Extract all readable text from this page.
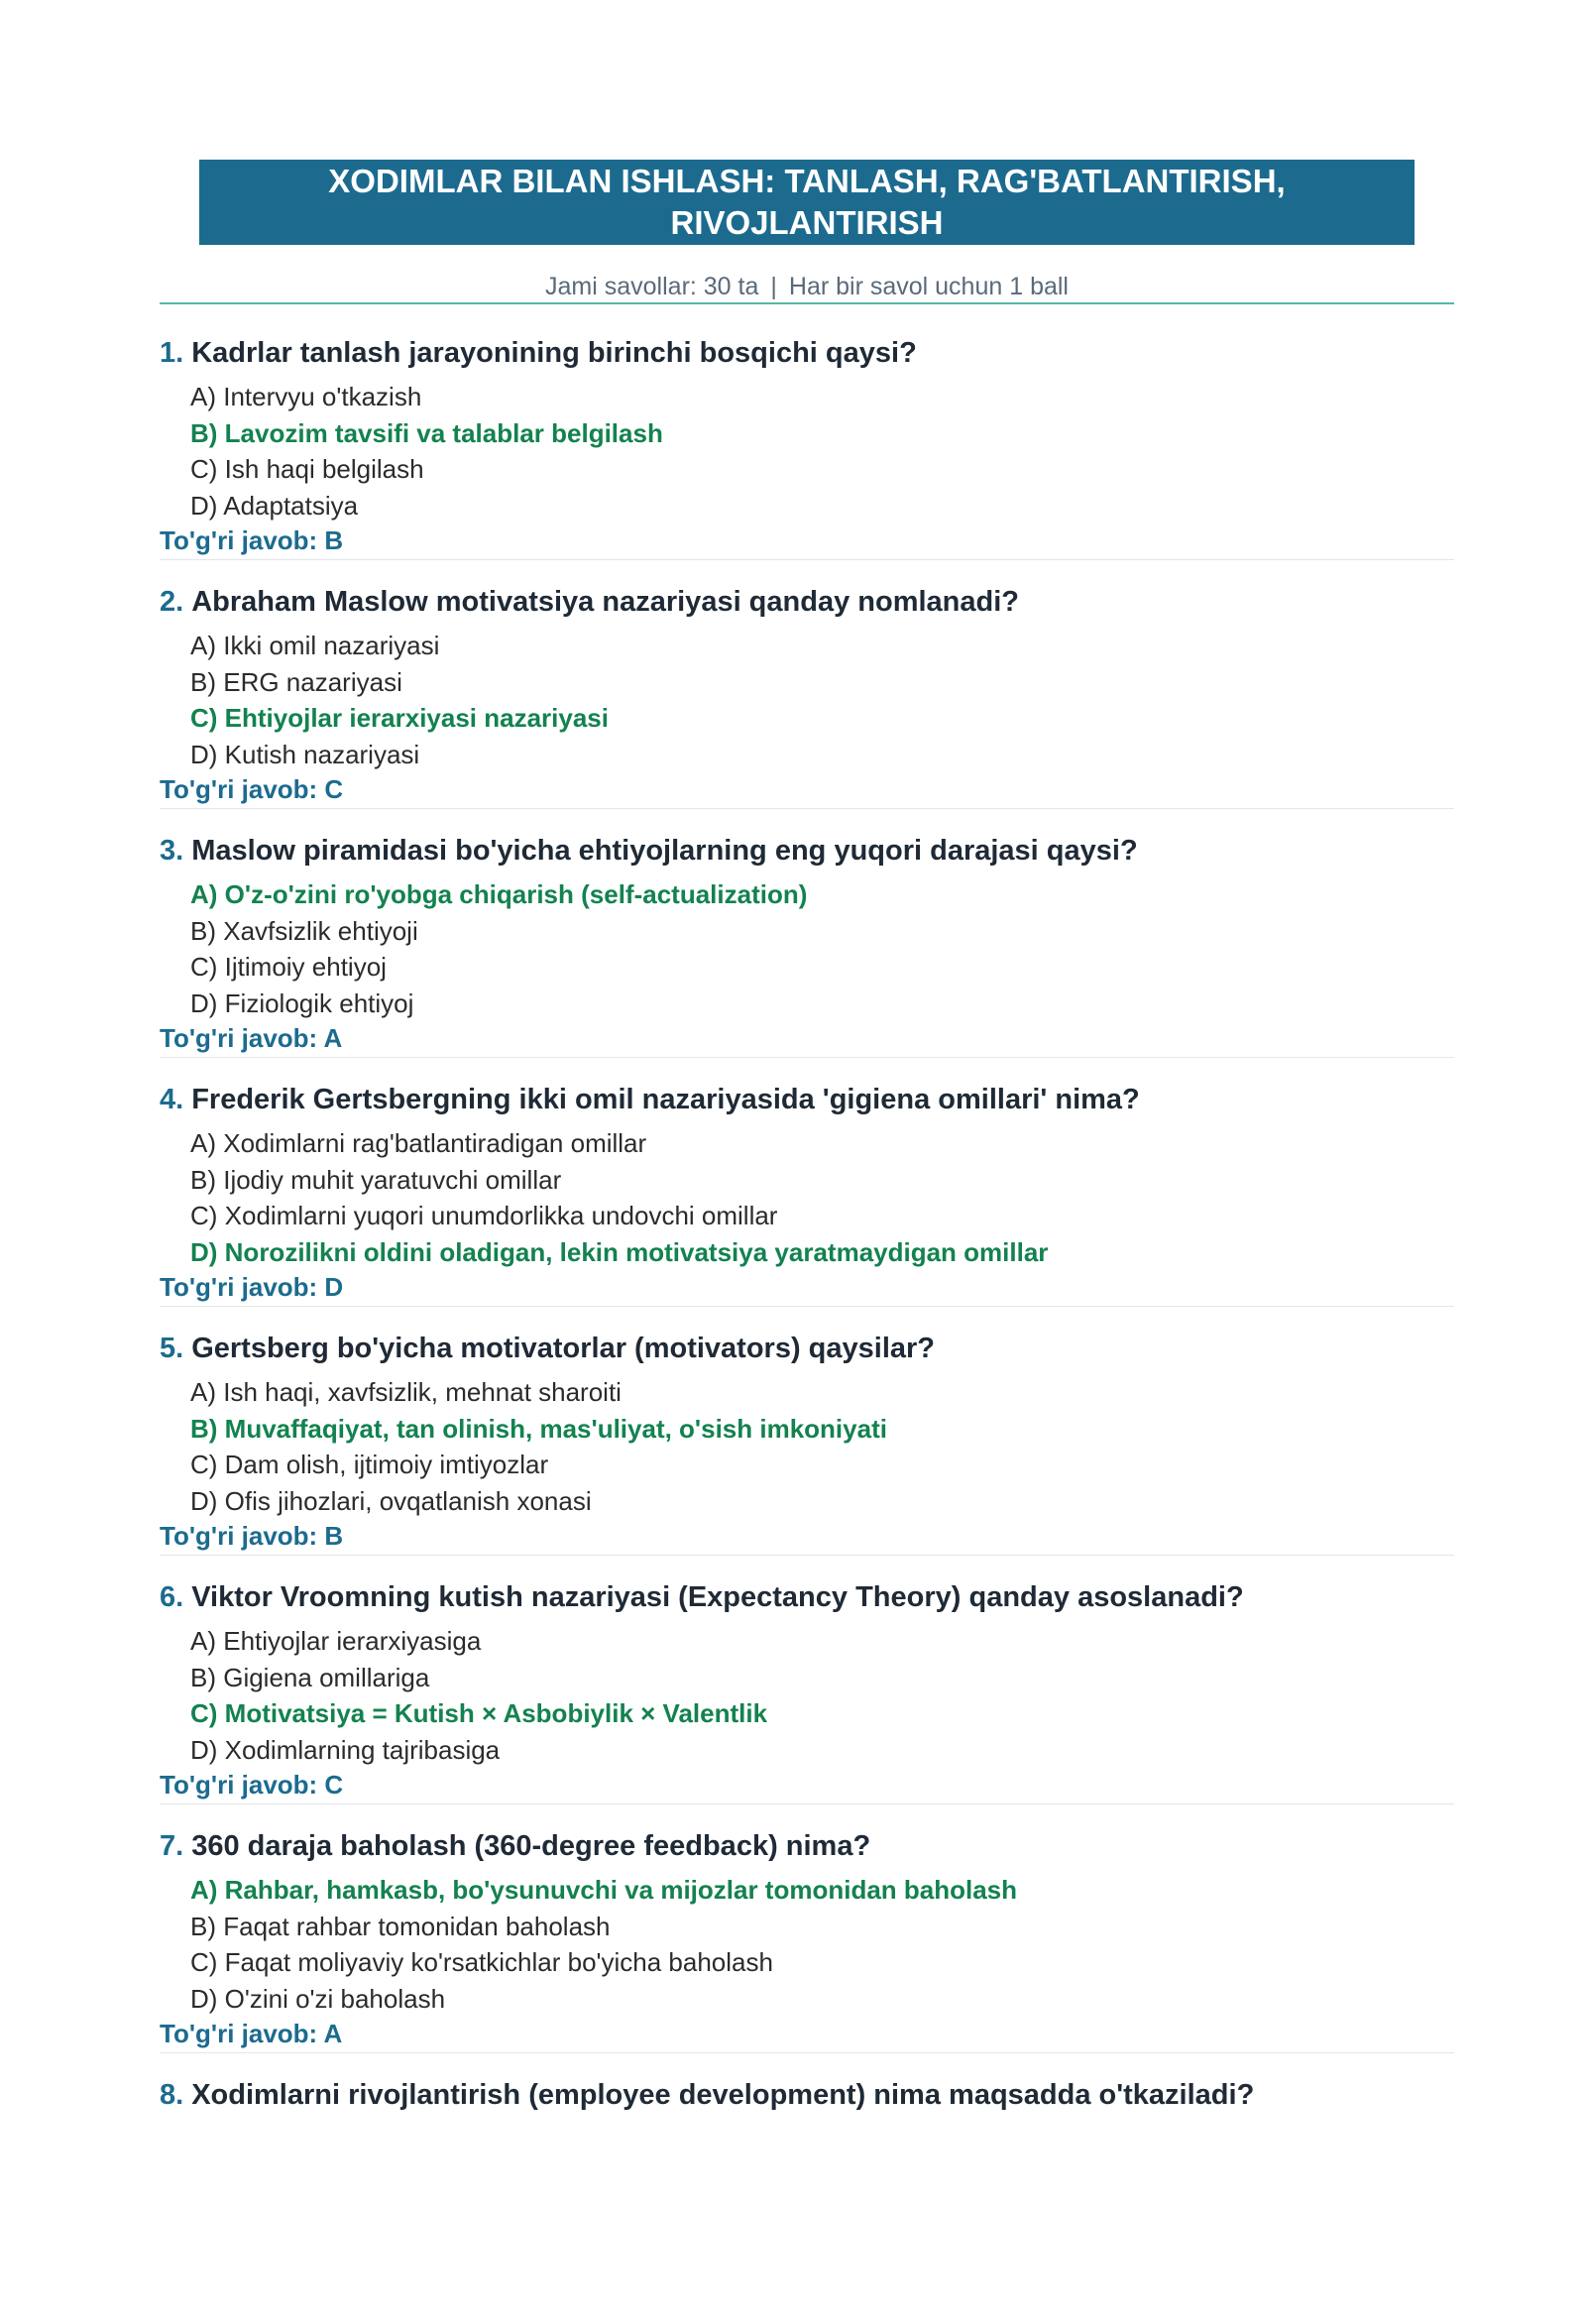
XODIMLAR BILAN ISHLASH: TANLASH, RAG'BATLANTIRISH, RIVOJLANTIRISH
Jami savollar: 30 ta | Har bir savol uchun 1 ball
1. Kadrlar tanlash jarayonining birinchi bosqichi qaysi?
A) Intervyu o'tkazish
B) Lavozim tavsifi va talablar belgilash
C) Ish haqi belgilash
D) Adaptatsiya
To'g'ri javob: B
2. Abraham Maslow motivatsiya nazariyasi qanday nomlanadi?
A) Ikki omil nazariyasi
B) ERG nazariyasi
C) Ehtiyojlar ierarxiyasi nazariyasi
D) Kutish nazariyasi
To'g'ri javob: C
3. Maslow piramidasi bo'yicha ehtiyojlarning eng yuqori darajasi qaysi?
A) O'z-o'zini ro'yobga chiqarish (self-actualization)
B) Xavfsizlik ehtiyoji
C) Ijtimoiy ehtiyoj
D) Fiziologik ehtiyoj
To'g'ri javob: A
4. Frederik Gertsbergning ikki omil nazariyasida 'gigiena omillari' nima?
A) Xodimlarni rag'batlantiradigan omillar
B) Ijodiy muhit yaratuvchi omillar
C) Xodimlarni yuqori unumdorlikka undovchi omillar
D) Norozilikni oldini oladigan, lekin motivatsiya yaratmaydigan omillar
To'g'ri javob: D
5. Gertsberg bo'yicha motivatorlar (motivators) qaysilar?
A) Ish haqi, xavfsizlik, mehnat sharoiti
B) Muvaffaqiyat, tan olinish, mas'uliyat, o'sish imkoniyati
C) Dam olish, ijtimoiy imtiyozlar
D) Ofis jihozlari, ovqatlanish xonasi
To'g'ri javob: B
6. Viktor Vroomning kutish nazariyasi (Expectancy Theory) qanday asoslanadi?
A) Ehtiyojlar ierarxiyasiga
B) Gigiena omillariga
C) Motivatsiya = Kutish × Asbobiylik × Valentlik
D) Xodimlarning tajribasiga
To'g'ri javob: C
7. 360 daraja baholash (360-degree feedback) nima?
A) Rahbar, hamkasb, bo'ysunuvchi va mijozlar tomonidan baholash
B) Faqat rahbar tomonidan baholash
C) Faqat moliyaviy ko'rsatkichlar bo'yicha baholash
D) O'zini o'zi baholash
To'g'ri javob: A
8. Xodimlarni rivojlantirish (employee development) nima maqsadda o'tkaziladi?
